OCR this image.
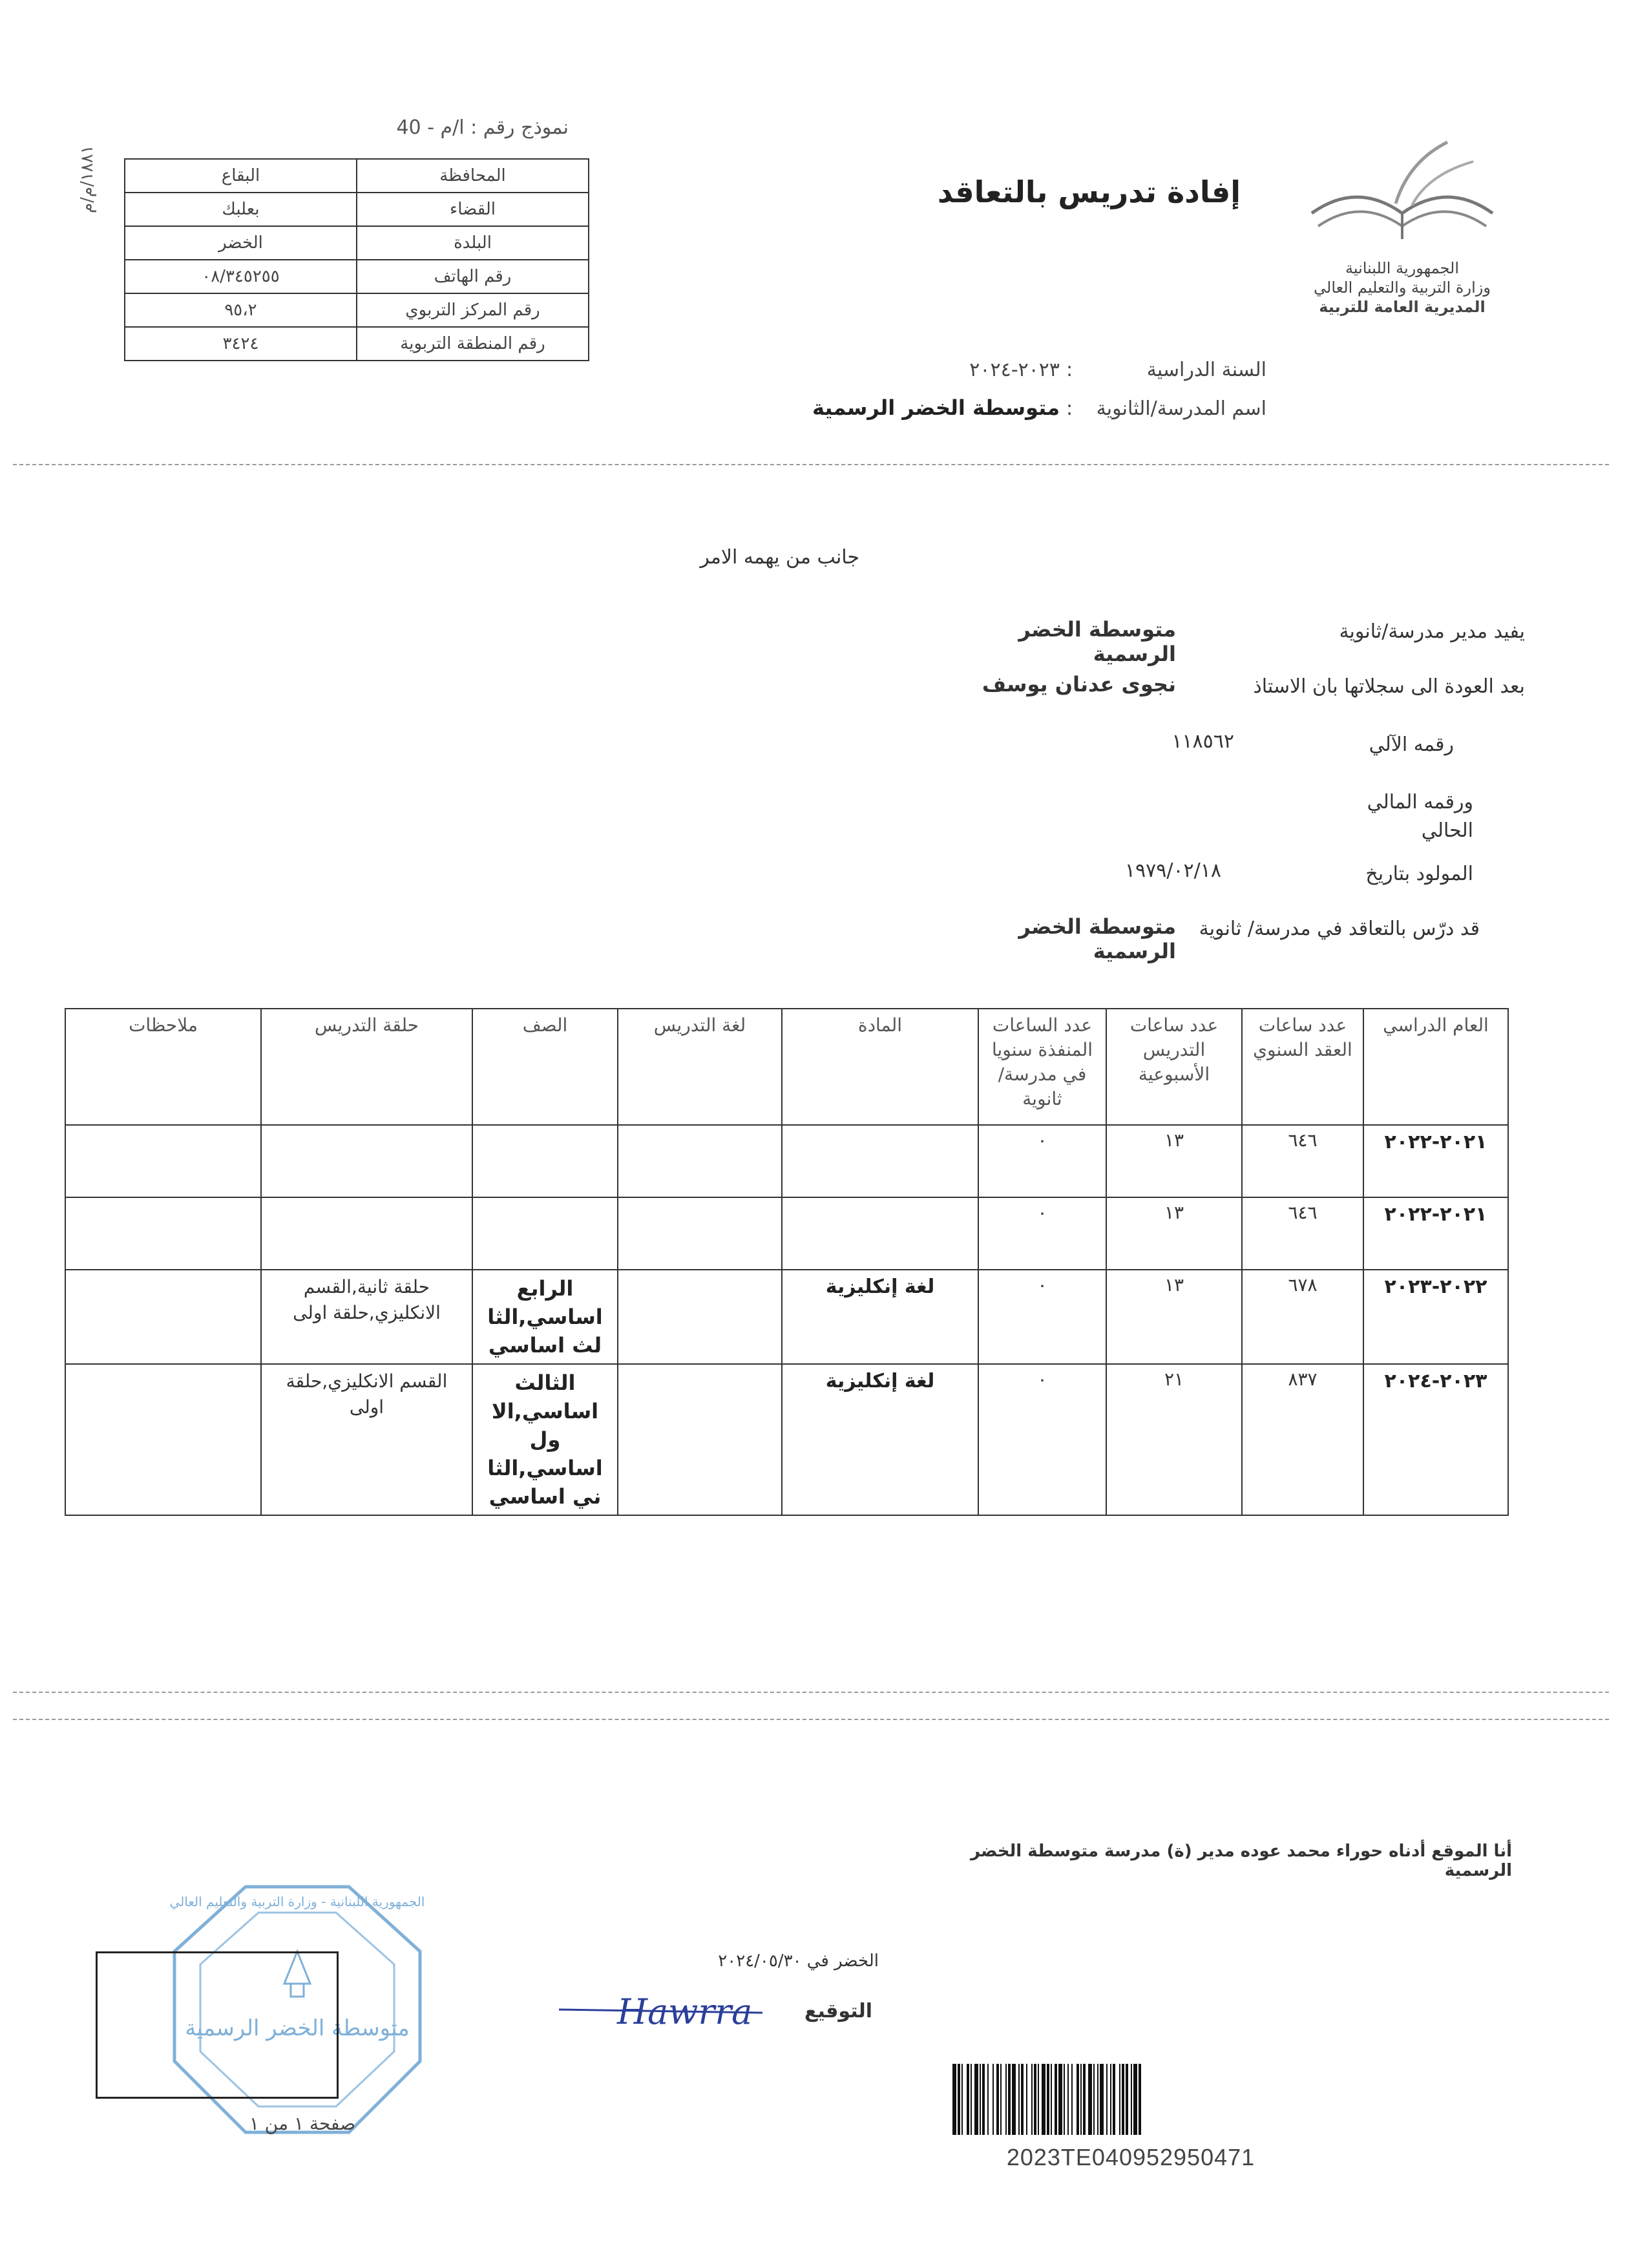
نموذج رقم : ا/م - 40
١٨٨١/م/م	المحافظة	البقاع
القضاء	بعلبك
البلدة	الخضر
رقم الهاتف	٠٨/٣٤٥٢٥٥
رقم المركز التربوي	٩٥،٢
رقم المنطقة التربوية	٣٤٢٤
إفادة تدريس بالتعاقد
الجمهورية اللبنانية
وزارة التربية والتعليم العالي
المديرية العامة للتربية
السنة الدراسية
:
٢٠٢٣-٢٠٢٤
اسم المدرسة/الثانوية
:
متوسطة الخضر الرسمية
جانب من يهمه الامر
يفيد مدير مدرسة/ثانوية
متوسطة الخضر الرسمية
بعد العودة الى سجلاتها بان الاستاذ
نجوى عدنان يوسف
رقمه الآلي
١١٨٥٦٢
ورقمه المالي الحالي
المولود بتاريخ
١٩٧٩/٠٢/١٨
قد درّس بالتعاقد في مدرسة/ ثانوية
متوسطة الخضر الرسمية
العام الدراسي	عدد ساعات العقد السنوي	عدد ساعات التدريس الأسبوعية	عدد الساعات المنفذة سنويا في مدرسة/ثانوية	المادة	لغة التدريس	الصف	حلقة التدريس	ملاحظات
٢٠٢١-٢٠٢٢	٦٤٦	١٣	٠					
٢٠٢١-٢٠٢٢	٦٤٦	١٣	٠					
٢٠٢٢-٢٠٢٣	٦٧٨	١٣	٠	لغة إنكليزية		الرابع اساسي,الثا لث اساسي	حلقة ثانية,القسم الانكليزي,حلقة اولى	
٢٠٢٣-٢٠٢٤	٨٣٧	٢١	٠	لغة إنكليزية		الثالث اساسي,الا ول اساسي,الثا ني اساسي	القسم الانكليزي,حلقة اولى	
أنا الموقع أدناه حوراء محمد عوده مدير (ة) مدرسة متوسطة الخضر الرسمية
الخضر في ٢٠٢٤/٠٥/٣٠
التوقيع
Hawrra
الجمهورية اللبنانية - وزارة التربية والتعليم العالي
متوسطة الخضر الرسمية
صفحة ١ من ١
2023TE040952950471
